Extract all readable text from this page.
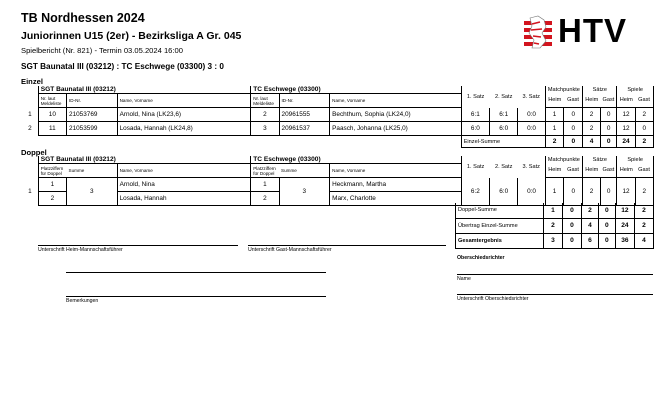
TB Nordhessen 2024
Juniorinnen U15 (2er) - Bezirksliga A Gr. 045
Spielbericht (Nr. 821) - Termin 03.05.2024 16:00
SGT Baunatal III (03212) : TC Eschwege (03300) 3 : 0
HTV
Einzel
	SGT Baunatal III (03212)			TC Eschwege (03300)			1. Satz	2. Satz	3. Satz	Matchpunkte		Sätze		Spiele	
	Nr. laut Meldeliste	ID-Nr.	Name, Vorname	Nr. laut Meldeliste	ID-Nr.	Name, Vorname				Heim	Gast	Heim	Gast	Heim	Gast
1	10	21053769	Arnold, Nina (LK23,6)	2	20961555	Bechthum, Sophia (LK24,0)	6:1	6:1	0:0	1	0	2	0	12	2
2	11	21053599	Losada, Hannah (LK24,8)	3	20961537	Paasch, Johanna (LK25,0)	6:0	6:0	0:0	1	0	2	0	12	0
							Einzel-Summe			2	0	4	0	24	2
Doppel
	SGT Baunatal III (03212)			TC Eschwege (03300)			1. Satz	2. Satz	3. Satz	Matchpunkte		Sätze		Spiele	
	Platzziffern für Doppel	Summe	Name, Vorname	Platzziffern für Doppel	Summe	Name, Vorname				Heim	Gast	Heim	Gast	Heim	Gast
1	1	3	Arnold, Nina	1	3	Heckmann, Martha	6:2	6:0	0:0	1	0	2	0	12	2
	2		Losada, Hannah	2		Marx, Charlotte									
Doppel-Summe	1	0	2	0	12	2
Übertrag Einzel-Summe	2	0	4	0	24	2
Gesamtergebnis	3	0	6	0	36	4
Unterschrift Heim-Mannschaftsführer	Unterschrift Gast-Mannschaftsführer
Bemerkungen
Oberschiedsrichter
Name
Unterschrift Oberschiedsrichter
